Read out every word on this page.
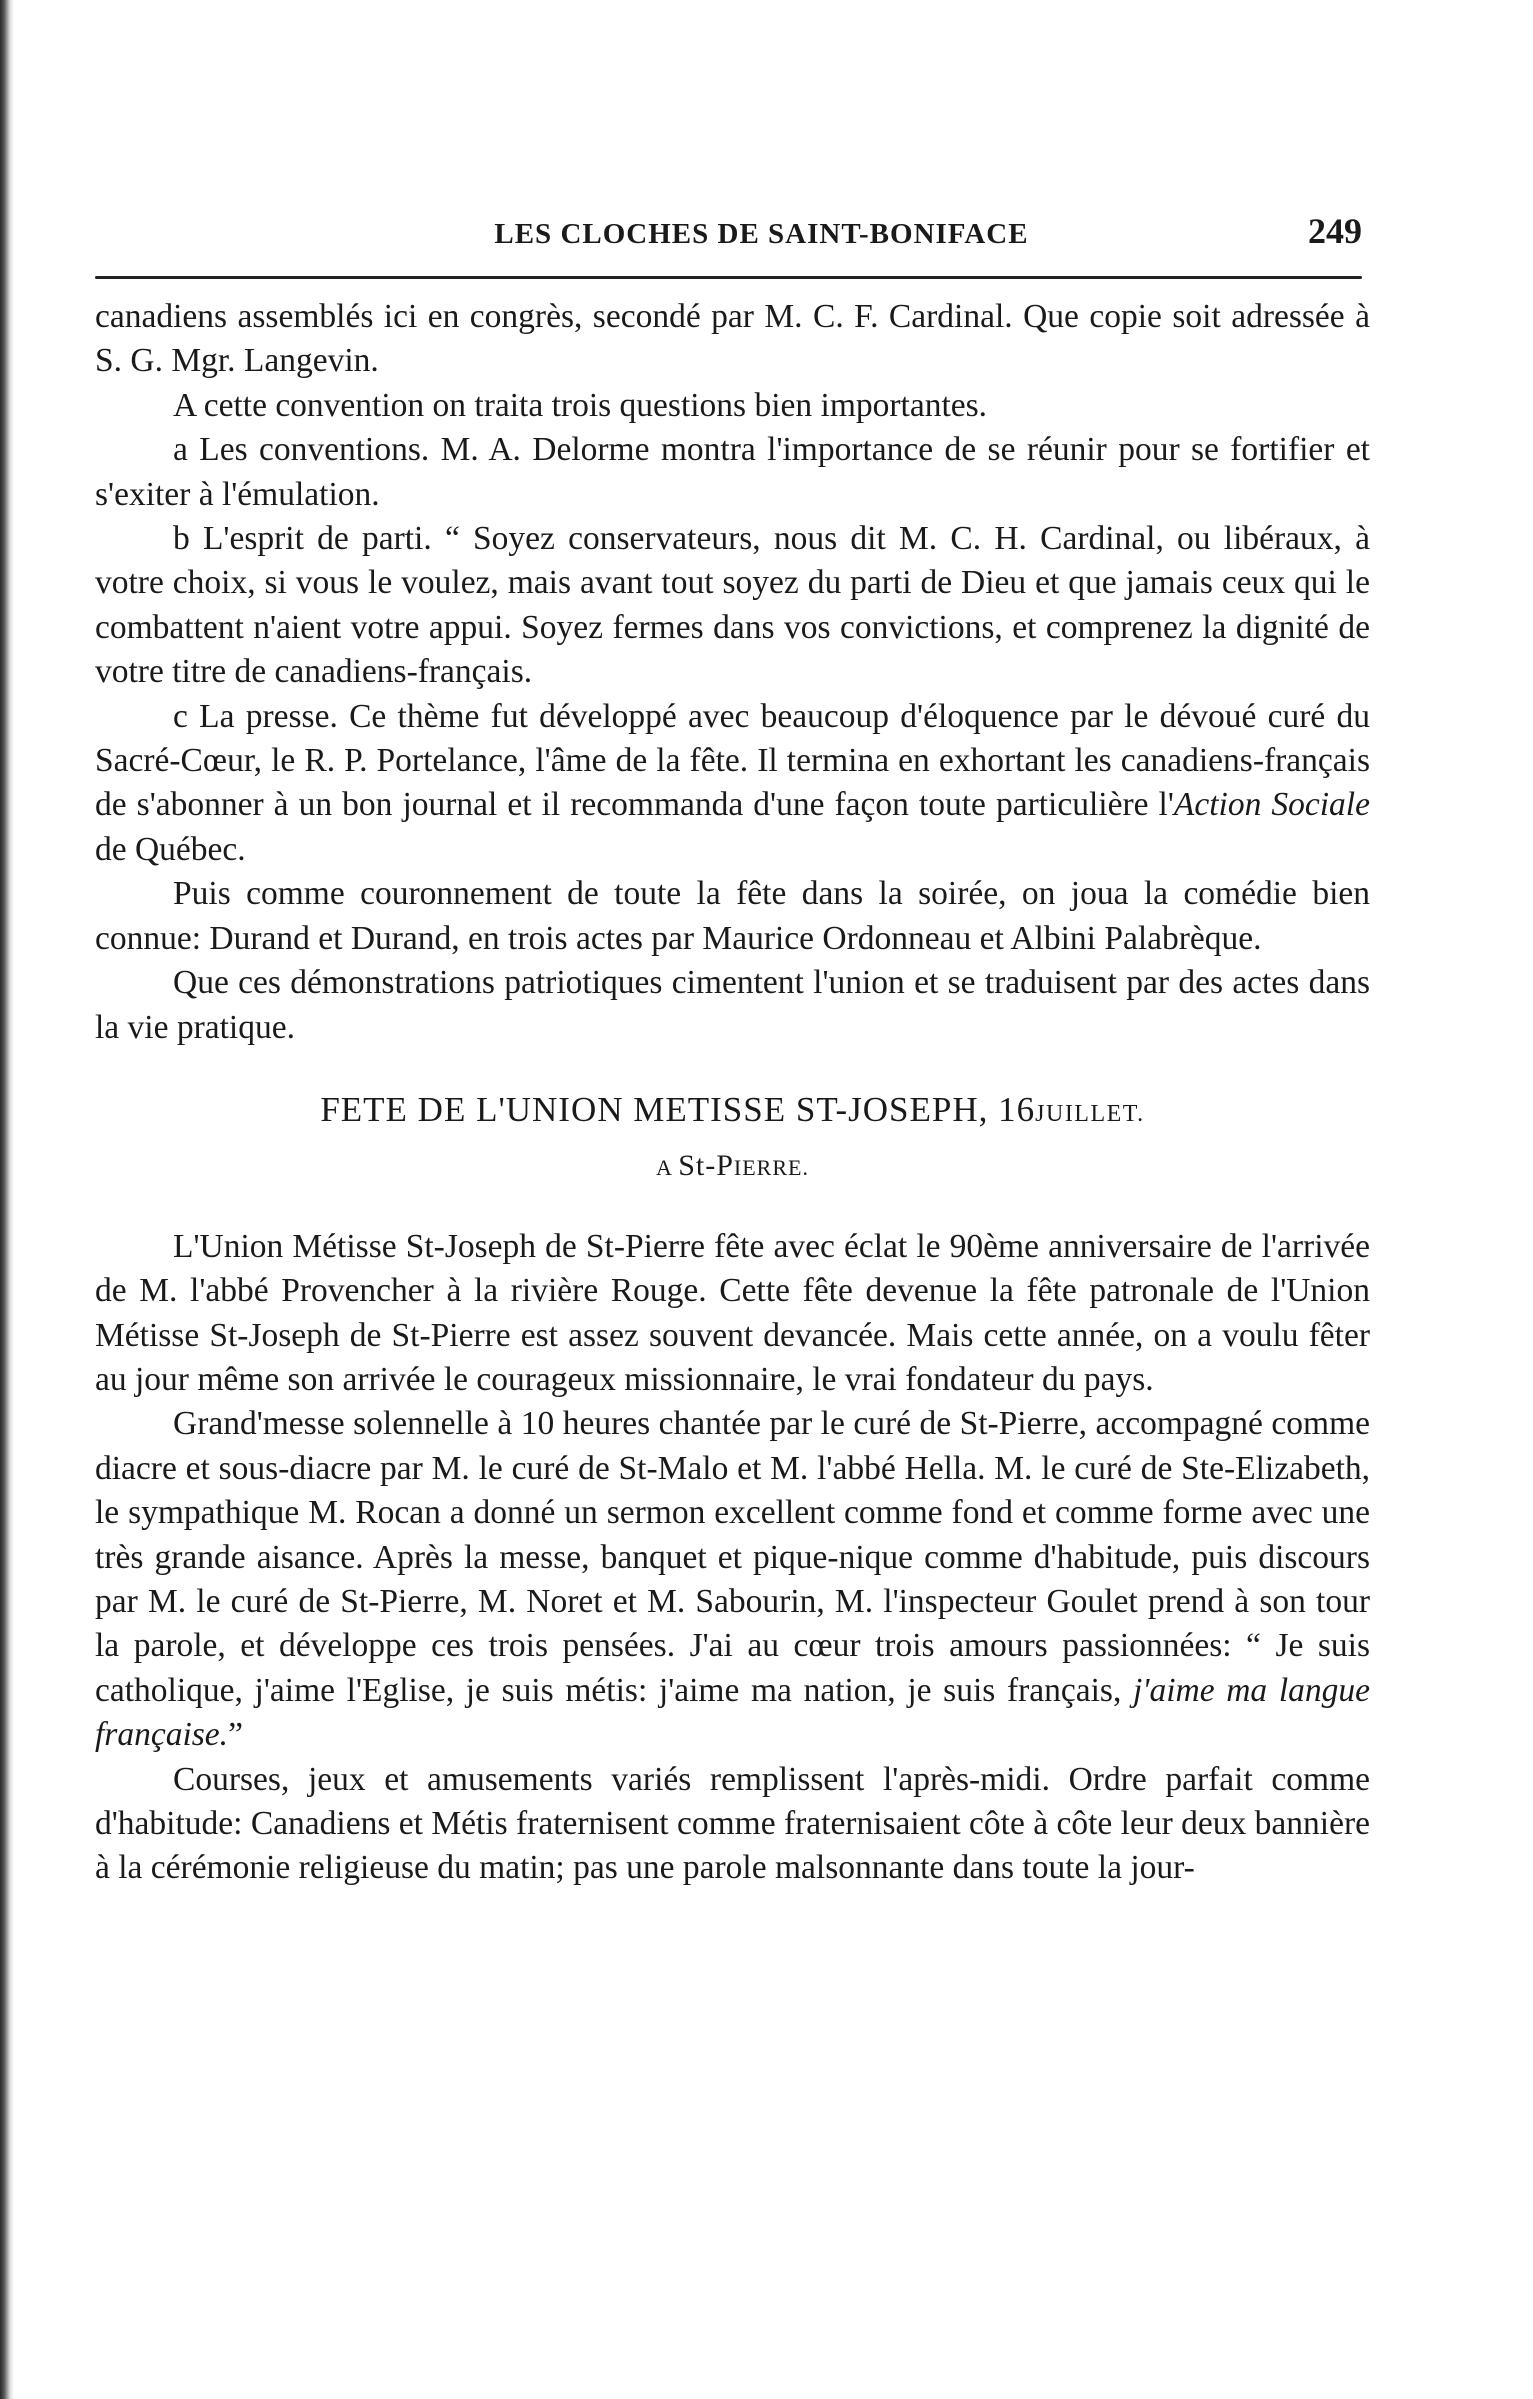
LES CLOCHES DE SAINT-BONIFACE	249

canadiens assemblés ici en congrès, secondé par M. C. F. Cardinal. Que copie soit adressée à S. G. Mgr. Langevin.

A cette convention on traita trois questions bien importantes.

a Les conventions. M. A. Delorme montra l'importance de se réunir pour se fortifier et s'exiter à l'émulation.

b L'esprit de parti. “ Soyez conservateurs, nous dit M. C. H. Cardinal, ou libéraux, à votre choix, si vous le voulez, mais avant tout soyez du parti de Dieu et que jamais ceux qui le combattent n'aient votre appui. Soyez fermes dans vos convictions, et comprenez la dignité de votre titre de canadiens-français.

c La presse. Ce thème fut développé avec beaucoup d'éloquence par le dévoué curé du Sacré-Cœur, le R. P. Portelance, l'âme de la fête. Il termina en exhortant les canadiens-français de s'abonner à un bon journal et il recommanda d'une façon toute particulière l'Action Sociale de Québec.

Puis comme couronnement de toute la fête dans la soirée, on joua la comédie bien connue: Durand et Durand, en trois actes par Maurice Ordonneau et Albini Palabrèque.

Que ces démonstrations patriotiques cimentent l'union et se traduisent par des actes dans la vie pratique.

FETE DE L'UNION METISSE ST-JOSEPH, 16JUILLET.
A St-PIERRE.

L'Union Métisse St-Joseph de St-Pierre fête avec éclat le 90ème anniversaire de l'arrivée de M. l'abbé Provencher à la rivière Rouge. Cette fête devenue la fête patronale de l'Union Métisse St-Joseph de St-Pierre est assez souvent devancée. Mais cette année, on a voulu fêter au jour même son arrivée le courageux missionnaire, le vrai fondateur du pays.

Grand'messe solennelle à 10 heures chantée par le curé de St-Pierre, accompagné comme diacre et sous-diacre par M. le curé de St-Malo et M. l'abbé Hella. M. le curé de Ste-Elizabeth, le sympathique M. Rocan a donné un sermon excellent comme fond et comme forme avec une très grande aisance. Après la messe, banquet et pique-nique comme d'habitude, puis discours par M. le curé de St-Pierre, M. Noret et M. Sabourin, M. l'inspecteur Goulet prend à son tour la parole, et développe ces trois pensées. J'ai au cœur trois amours passionnées: “ Je suis catholique, j'aime l'Eglise, je suis métis: j'aime ma nation, je suis français, j'aime ma langue française.”

Courses, jeux et amusements variés remplissent l'après-midi. Ordre parfait comme d'habitude: Canadiens et Métis fraternisent comme fraternisaient côte à côte leur deux bannière à la cérémonie religieuse du matin; pas une parole malsonnante dans toute la jour-
